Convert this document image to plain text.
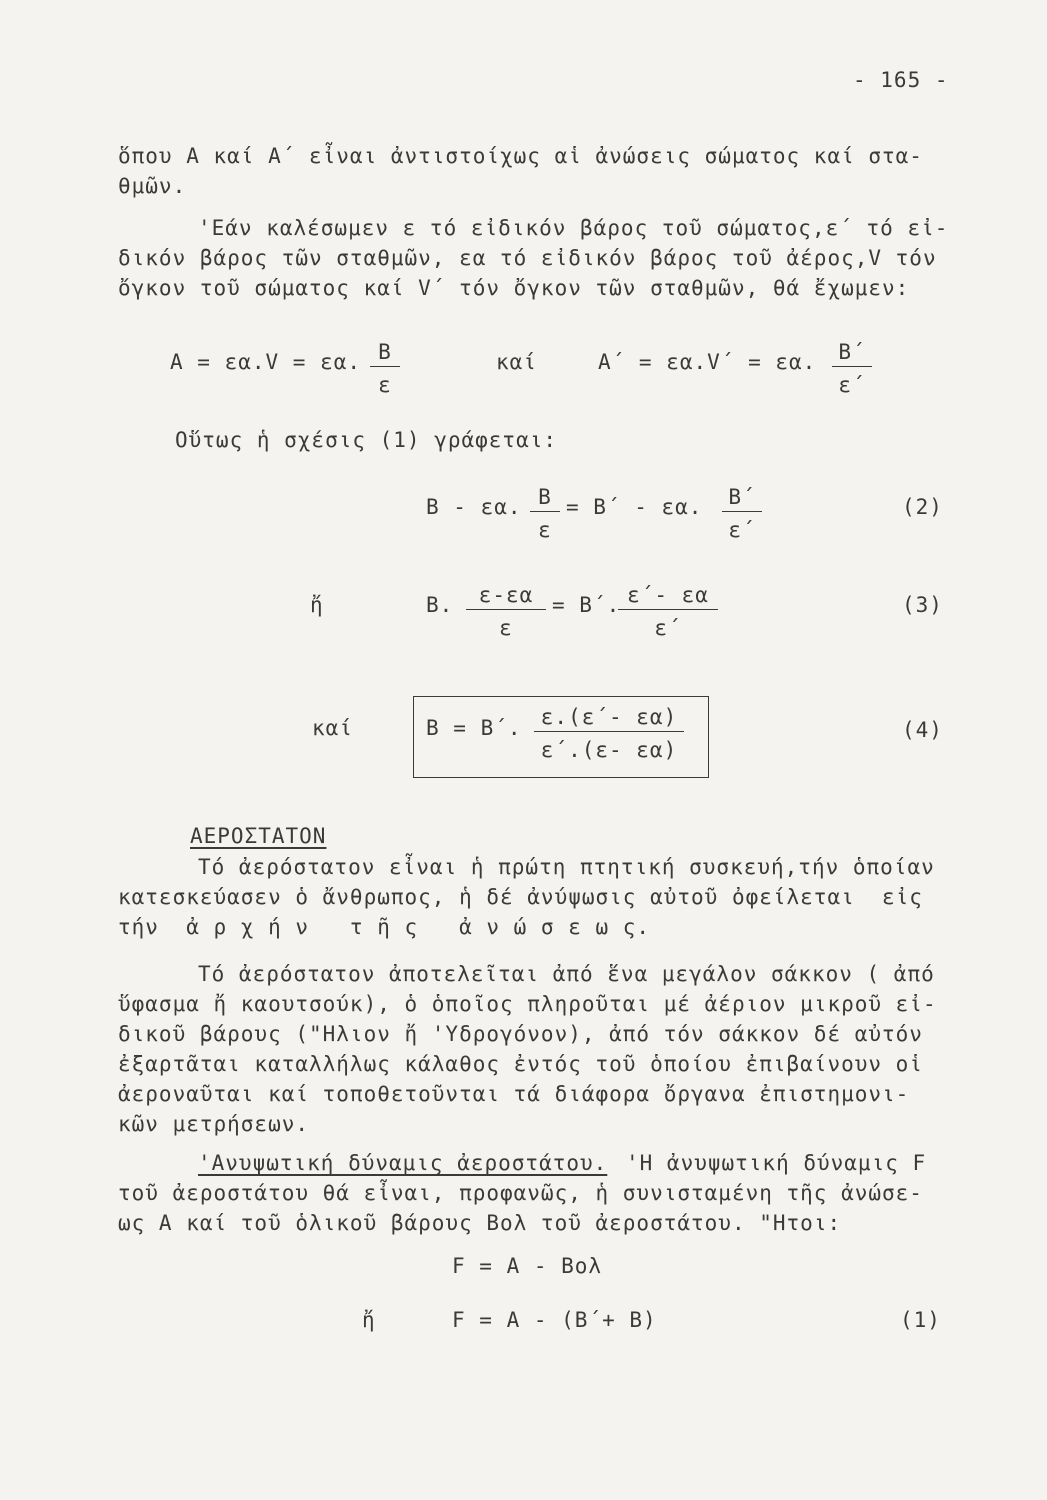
- 165 -
ὅπου A καί A΄ εἶναι ἀντιστοίχως αἱ ἀνώσεις σώματος καί στα-
θμῶν.
'Εάν καλέσωμεν ε τό εἰδικόν βάρος τοῦ σώματος,ε΄ τό εἰ-
δικόν βάρος τῶν σταθμῶν, εα τό εἰδικόν βάρος τοῦ ἀέρος,V τόν
ὄγκον τοῦ σώματος καί V΄ τόν ὄγκον τῶν σταθμῶν, θά ἔχωμεν:
A = εα.V = εα. $\frac{B}{\varepsilon}$	καί	A΄ = εα.V΄ = εα. $\frac{B΄}{\varepsilon΄}$
Οὕτως ἡ σχέσις (1) γράφεται:
B - εα. $\frac{B}{\varepsilon} = B΄ - \varepsilon\alpha$. $\frac{B΄}{\varepsilon΄}$	(2)
ἤ	B. $\frac{\varepsilon-\varepsilon\alpha}{\varepsilon} = B΄$.
$\frac{\varepsilon΄- \varepsilon\alpha}{\varepsilon΄}$	(3)
καί	B = B΄. $\frac{\varepsilon.(\varepsilon΄- \varepsilon\alpha)}{\varepsilon΄.(\varepsilon- \varepsilon\alpha)}$	(4)
ΑΕΡΟΣΤΑΤΟΝ
Τό ἀερόστατον εἶναι ἡ πρώτη πτητική συσκευή,τήν ὁποίαν
κατεσκεύασεν ὁ ἄνθρωπος, ἡ δέ ἀνύψωσις αὐτοῦ ὀφείλεται  εἰς
τήν  ἀ ρ χ ή ν   τ ῆ ς   ἀ ν ώ σ ε ω ς.
Τό ἀερόστατον ἀποτελεῖται ἀπό ἕνα μεγάλον σάκκον ( ἀπό
ὕφασμα ἤ καουτσούκ), ὁ ὁποῖος πληροῦται μέ ἀέριον μικροῦ εἰ-
δικοῦ βάρους ("Ηλιον ἤ 'Υδρογόνον), ἀπό τόν σάκκον δέ αὐτόν
ἐξαρτᾶται καταλλήλως κάλαθος ἐντός τοῦ ὁποίου ἐπιβαίνουν οἱ
ἀεροναῦται καί τοποθετοῦνται τά διάφορα ὄργανα ἐπιστημονι-
κῶν μετρήσεων.
'Ανυψωτική δύναμις ἀεροστάτου. 'Η ἀνυψωτική δύναμις F
τοῦ ἀεροστάτου θά εἶναι, προφανῶς, ἡ συνισταμένη τῆς ἀνώσε-
ως A καί τοῦ ὁλικοῦ βάρους Bολ τοῦ ἀεροστάτου. "Ητοι:
F = A - Bολ
ἤ	F = A - (B΄+ B)	(1)
